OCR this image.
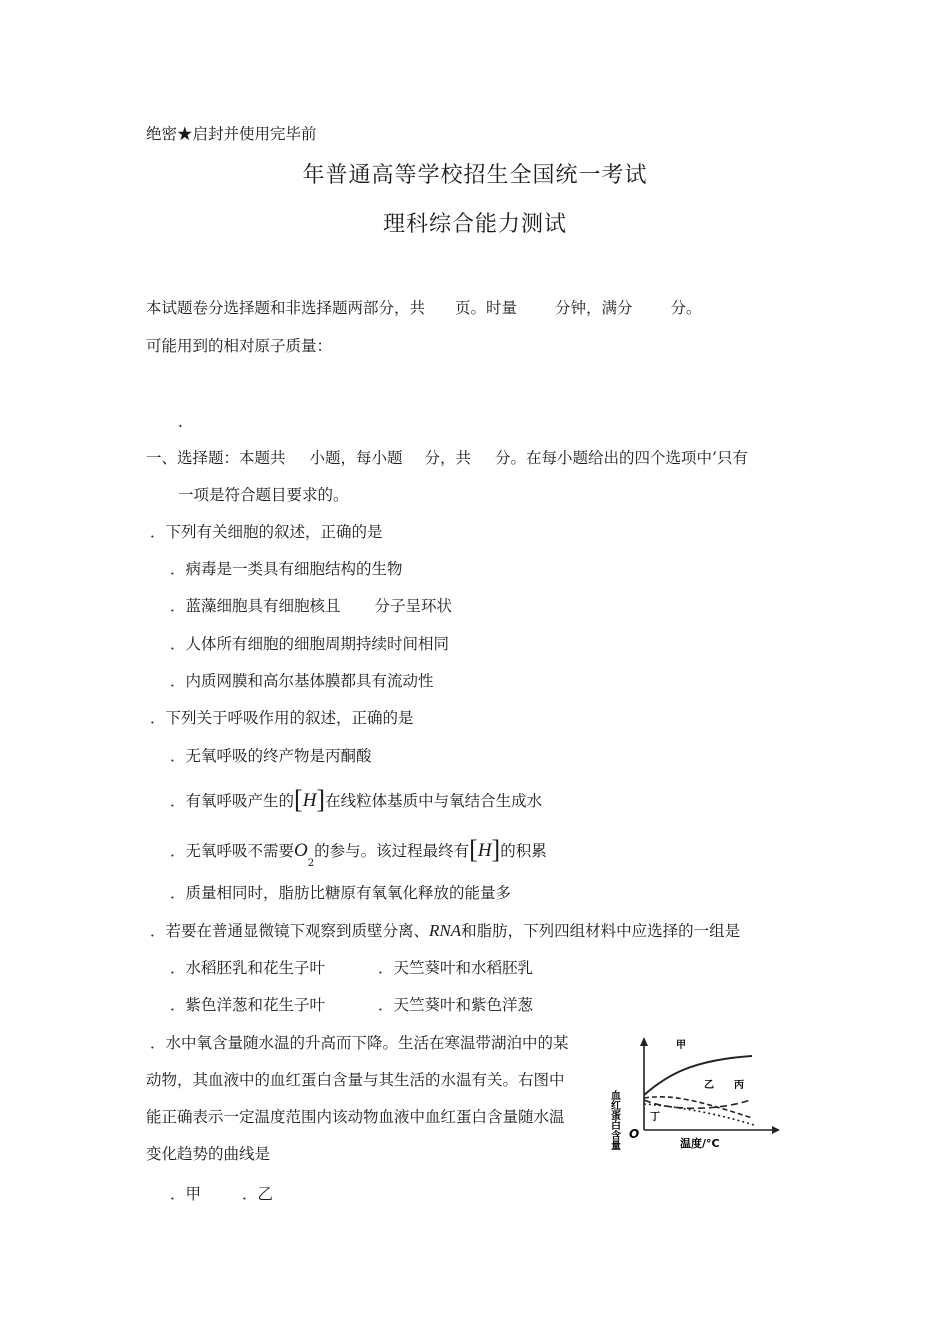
绝密★启封并使用完毕前
年普通高等学校招生全国统一考试
理科综合能力测试
本试题卷分选择题和非选择题两部分，共 页。时量 分钟，满分 分。
可能用到的相对原子质量：
.
一、选择题：本题共 小题，每小题 分，共 分。在每小题给出的四个选项中’只有
一项是符合题目要求的。
．下列有关细胞的叙述，正确的是
．病毒是一类具有细胞结构的生物
．蓝藻细胞具有细胞核且 分子呈环状
．人体所有细胞的细胞周期持续时间相同
．内质网膜和高尔基体膜都具有流动性
．下列关于呼吸作用的叙述，正确的是
．无氧呼吸的终产物是丙酮酸
．有氧呼吸产生的[H]在线粒体基质中与氧结合生成水
．无氧呼吸不需要$O_2$的参与。该过程最终有[H]的积累
．质量相同时，脂肪比糖原有氧氧化释放的能量多
．若要在普通显微镜下观察到质壁分离、RNA和脂肪，下列四组材料中应选择的一组是
．水稻胚乳和花生子叶	．天竺葵叶和水稻胚乳
．紫色洋葱和花生子叶	．天竺葵叶和紫色洋葱
．水中氧含量随水温的升高而下降。生活在寒温带湖泊中的某
动物，其血液中的血红蛋白含量与其生活的水温有关。右图中
能正确表示一定温度范围内该动物血液中血红蛋白含量随水温
变化趋势的曲线是
．甲	．乙
血红蛋白含量	温度/°C
O
甲
乙 丙
丁
